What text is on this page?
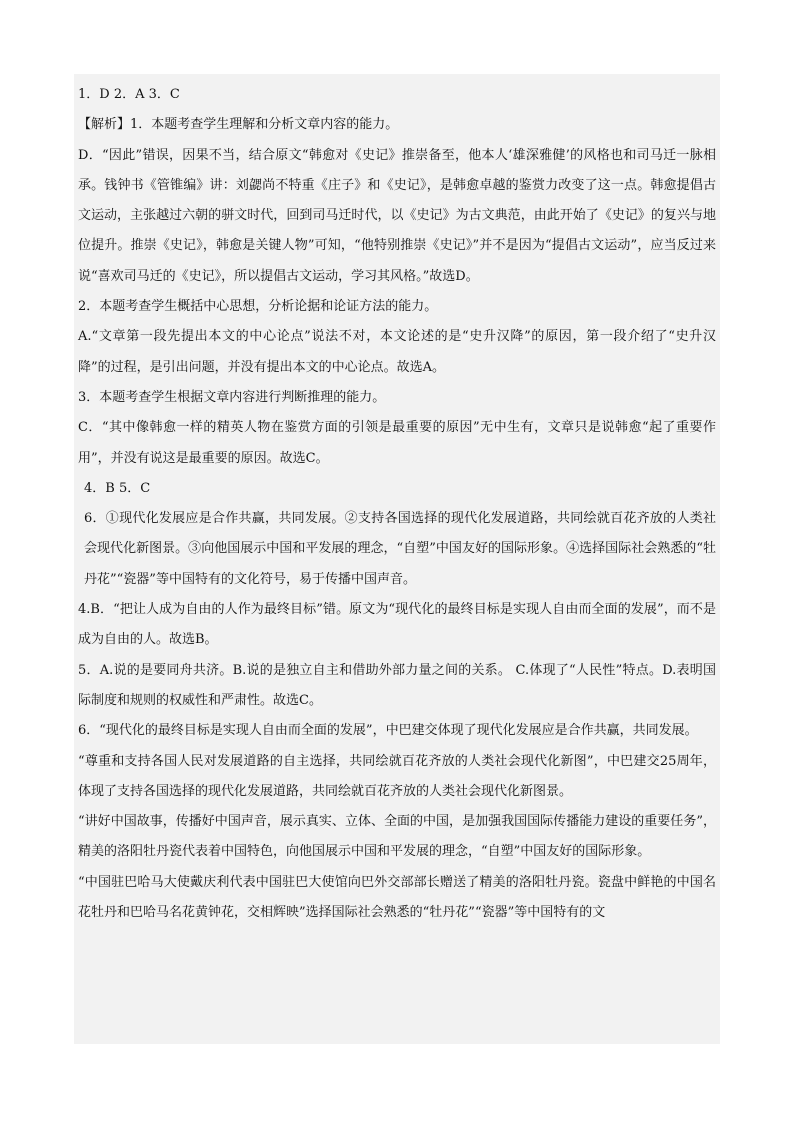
1．D 2．A 3．C

【解析】1．本题考查学生理解和分析文章内容的能力。

D．“因此”错误，因果不当，结合原文“韩愈对《史记》推崇备至，他本人‘雄深雅健’的风格也和司马迁一脉相承。钱钟书《管锥编》讲：刘勰尚不特重《庄子》和《史记》，是韩愈卓越的鉴赏力改变了这一点。韩愈提倡古文运动，主张越过六朝的骈文时代，回到司马迁时代，以《史记》为古文典范，由此开始了《史记》的复兴与地位提升。推崇《史记》，韩愈是关键人物”可知，“他特别推崇《史记》”并不是因为“提倡古文运动”，应当反过来说“喜欢司马迁的《史记》，所以提倡古文运动，学习其风格。”故选D。

2．本题考查学生概括中心思想，分析论据和论证方法的能力。

A.“文章第一段先提出本文的中心论点”说法不对，本文论述的是“史升汉降”的原因，第一段介绍了“史升汉降”的过程，是引出问题，并没有提出本文的中心论点。故选A。

3．本题考查学生根据文章内容进行判断推理的能力。

C．“其中像韩愈一样的精英人物在鉴赏方面的引领是最重要的原因”无中生有，文章只是说韩愈“起了重要作用”，并没有说这是最重要的原因。故选C。

4．B 5．C

6．①现代化发展应是合作共赢，共同发展。②支持各国选择的现代化发展道路，共同绘就百花齐放的人类社会现代化新图景。③向他国展示中国和平发展的理念，“自塑”中国友好的国际形象。④选择国际社会熟悉的“牡丹花”“瓷器”等中国特有的文化符号，易于传播中国声音。

4.B．“把让人成为自由的人作为最终目标”错。原文为“现代化的最终目标是实现人自由而全面的发展”，而不是成为自由的人。故选B。

5．A.说的是要同舟共济。B.说的是独立自主和借助外部力量之间的关系。 C.体现了“人民性”特点。D.表明国际制度和规则的权威性和严肃性。故选C。

6．“现代化的最终目标是实现人自由而全面的发展”，中巴建交体现了现代化发展应是合作共赢，共同发展。

“尊重和支持各国人民对发展道路的自主选择，共同绘就百花齐放的人类社会现代化新图”，中巴建交25周年，体现了支持各国选择的现代化发展道路，共同绘就百花齐放的人类社会现代化新图景。

“讲好中国故事，传播好中国声音，展示真实、立体、全面的中国，是加强我国国际传播能力建设的重要任务”，精美的洛阳牡丹瓷代表着中国特色，向他国展示中国和平发展的理念，“自塑”中国友好的国际形象。

“中国驻巴哈马大使戴庆利代表中国驻巴大使馆向巴外交部部长赠送了精美的洛阳牡丹瓷。瓷盘中鲜艳的中国名花牡丹和巴哈马名花黄钟花，交相辉映”选择国际社会熟悉的“牡丹花”“瓷器”等中国特有的文
